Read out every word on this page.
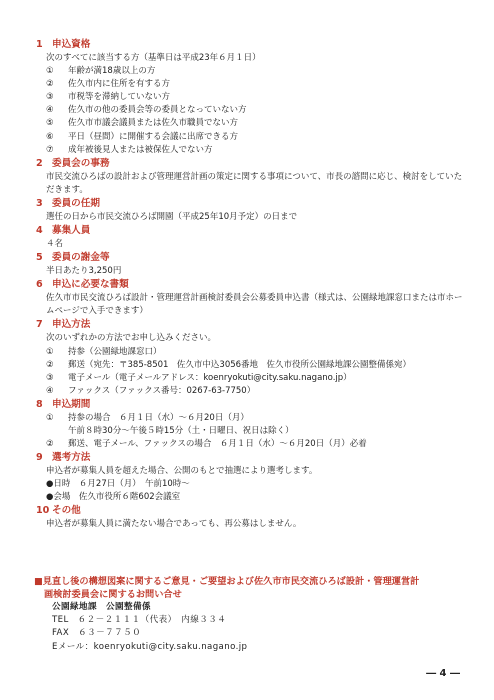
1 申込資格
次のすべてに該当する方（基準日は平成23年６月１日）
① 年齢が満18歳以上の方
② 佐久市内に住所を有する方
③ 市税等を滞納していない方
④ 佐久市の他の委員会等の委員となっていない方
⑤ 佐久市市議会議員または佐久市職員でない方
⑥ 平日（昼間）に開催する会議に出席できる方
⑦ 成年被後見人または被保佐人でない方
2 委員会の事務
市民交流ひろばの設計および管理運営計画の策定に関する事項について、市長の諮問に応じ、検討をしていただきます。
3 委員の任期
選任の日から市民交流ひろば開園（平成25年10月予定）の日まで
4 募集人員
４名
5 委員の謝金等
半日あたり3,250円
6 申込に必要な書類
佐久市市民交流ひろば設計・管理運営計画検討委員会公募委員申込書（様式は、公園緑地課窓口または市ホームページで入手できます）
7 申込方法
次のいずれかの方法でお申し込みください。
① 持参（公園緑地課窓口）
② 郵送（宛先：〒385-8501　佐久市中込3056番地　佐久市役所公園緑地課公園整備係宛）
③ 電子メール（電子メールアドレス：koenryokuti@city.saku.nagano.jp）
④ ファックス（ファックス番号：0267-63-7750）
8 申込期間
① 持参の場合　６月１日（水）～６月20日（月）
午前８時30分～午後５時15分（土・日曜日、祝日は除く）
② 郵送、電子メール、ファックスの場合　６月１日（水）～６月20日（月）必着
9 選考方法
申込者が募集人員を超えた場合、公開のもとで抽選により選考します。
●日時　６月27日（月）　午前10時～
●会場　佐久市役所６階602会議室
10 その他
申込者が募集人員に満たない場合であっても、再公募はしません。
■見直し後の構想図案に関するご意見・ご要望および佐久市市民交流ひろば設計・管理運営計
画検討委員会に関するお問い合せ
公園緑地課　公園整備係
TEL　６２－２１１１（代表）　内線３３４
FAX　６３－７７５０
Eメール：koenryokuti@city.saku.nagano.jp
― 4 ―
